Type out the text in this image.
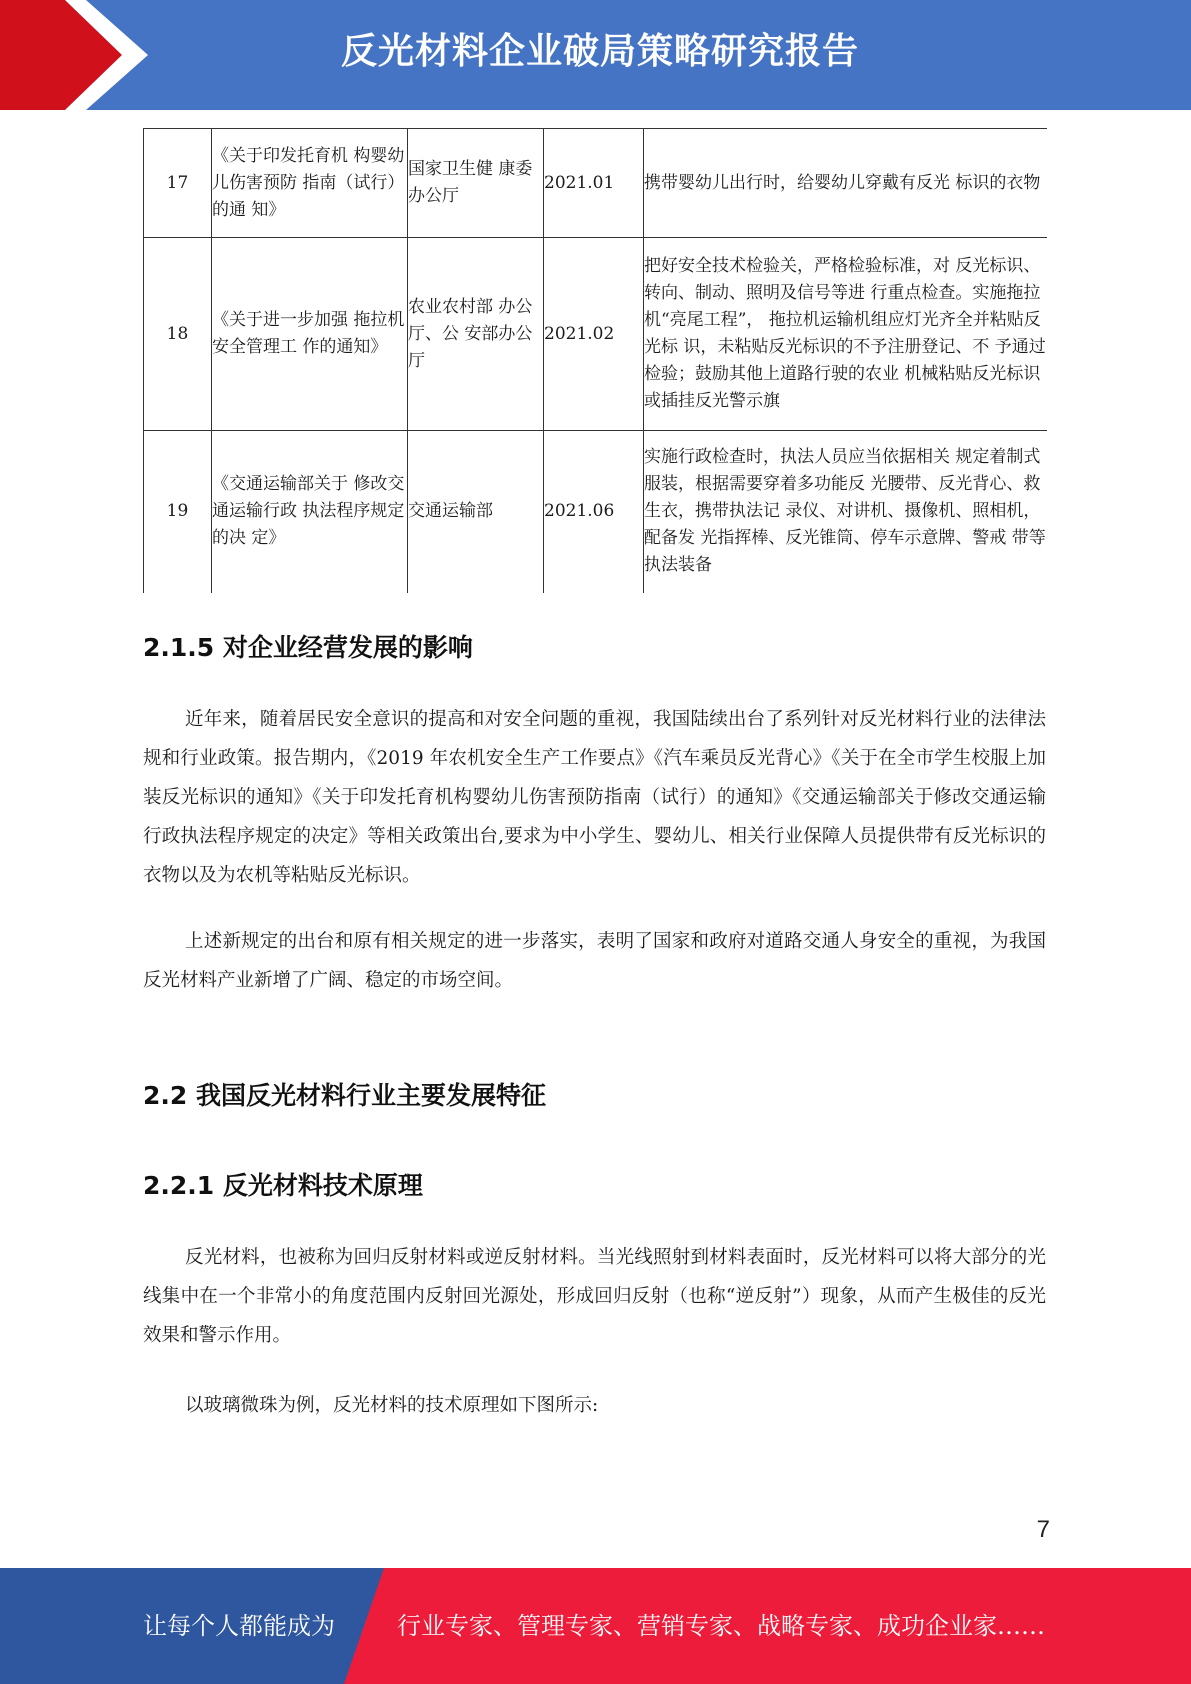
反光材料企业破局策略研究报告
17	《关于印发托育机 构婴幼儿伤害预防 指南（试行）的通 知》	国家卫生健 康委办公厅	2021.01	携带婴幼儿出行时，给婴幼儿穿戴有反光 标识的衣物
18	《关于进一步加强 拖拉机安全管理工 作的通知》	农业农村部 办公厅、公 安部办公厅	2021.02	把好安全技术检验关，严格检验标准，对 反光标识、转向、制动、照明及信号等进 行重点检查。实施拖拉机“亮尾工程”， 拖拉机运输机组应灯光齐全并粘贴反光标 识，未粘贴反光标识的不予注册登记、不 予通过检验；鼓励其他上道路行驶的农业 机械粘贴反光标识或插挂反光警示旗
19	《交通运输部关于 修改交通运输行政 执法程序规定的决 定》	交通运输部	2021.06	实施行政检查时，执法人员应当依据相关 规定着制式服装，根据需要穿着多功能反 光腰带、反光背心、救生衣，携带执法记 录仪、对讲机、摄像机、照相机，配备发 光指挥棒、反光锥筒、停车示意牌、警戒 带等执法装备
2.1.5 对企业经营发展的影响

近年来，随着居民安全意识的提高和对安全问题的重视，我国陆续出台了系列针对反光材料行业的法律法规和行业政策。报告期内，《2019 年农机安全生产工作要点》《汽车乘员反光背心》《关于在全市学生校服上加装反光标识的通知》《关于印发托育机构婴幼儿伤害预防指南（试行）的通知》《交通运输部关于修改交通运输行政执法程序规定的决定》等相关政策出台,要求为中小学生、婴幼儿、相关行业保障人员提供带有反光标识的衣物以及为农机等粘贴反光标识。

上述新规定的出台和原有相关规定的进一步落实，表明了国家和政府对道路交通人身安全的重视，为我国反光材料产业新增了广阔、稳定的市场空间。

2.2 我国反光材料行业主要发展特征
2.2.1 反光材料技术原理

反光材料，也被称为回归反射材料或逆反射材料。当光线照射到材料表面时，反光材料可以将大部分的光线集中在一个非常小的角度范围内反射回光源处，形成回归反射（也称“逆反射”）现象，从而产生极佳的反光效果和警示作用。

以玻璃微珠为例，反光材料的技术原理如下图所示:

7
让每个人都能成为	行业专家、管理专家、营销专家、战略专家、成功企业家……
